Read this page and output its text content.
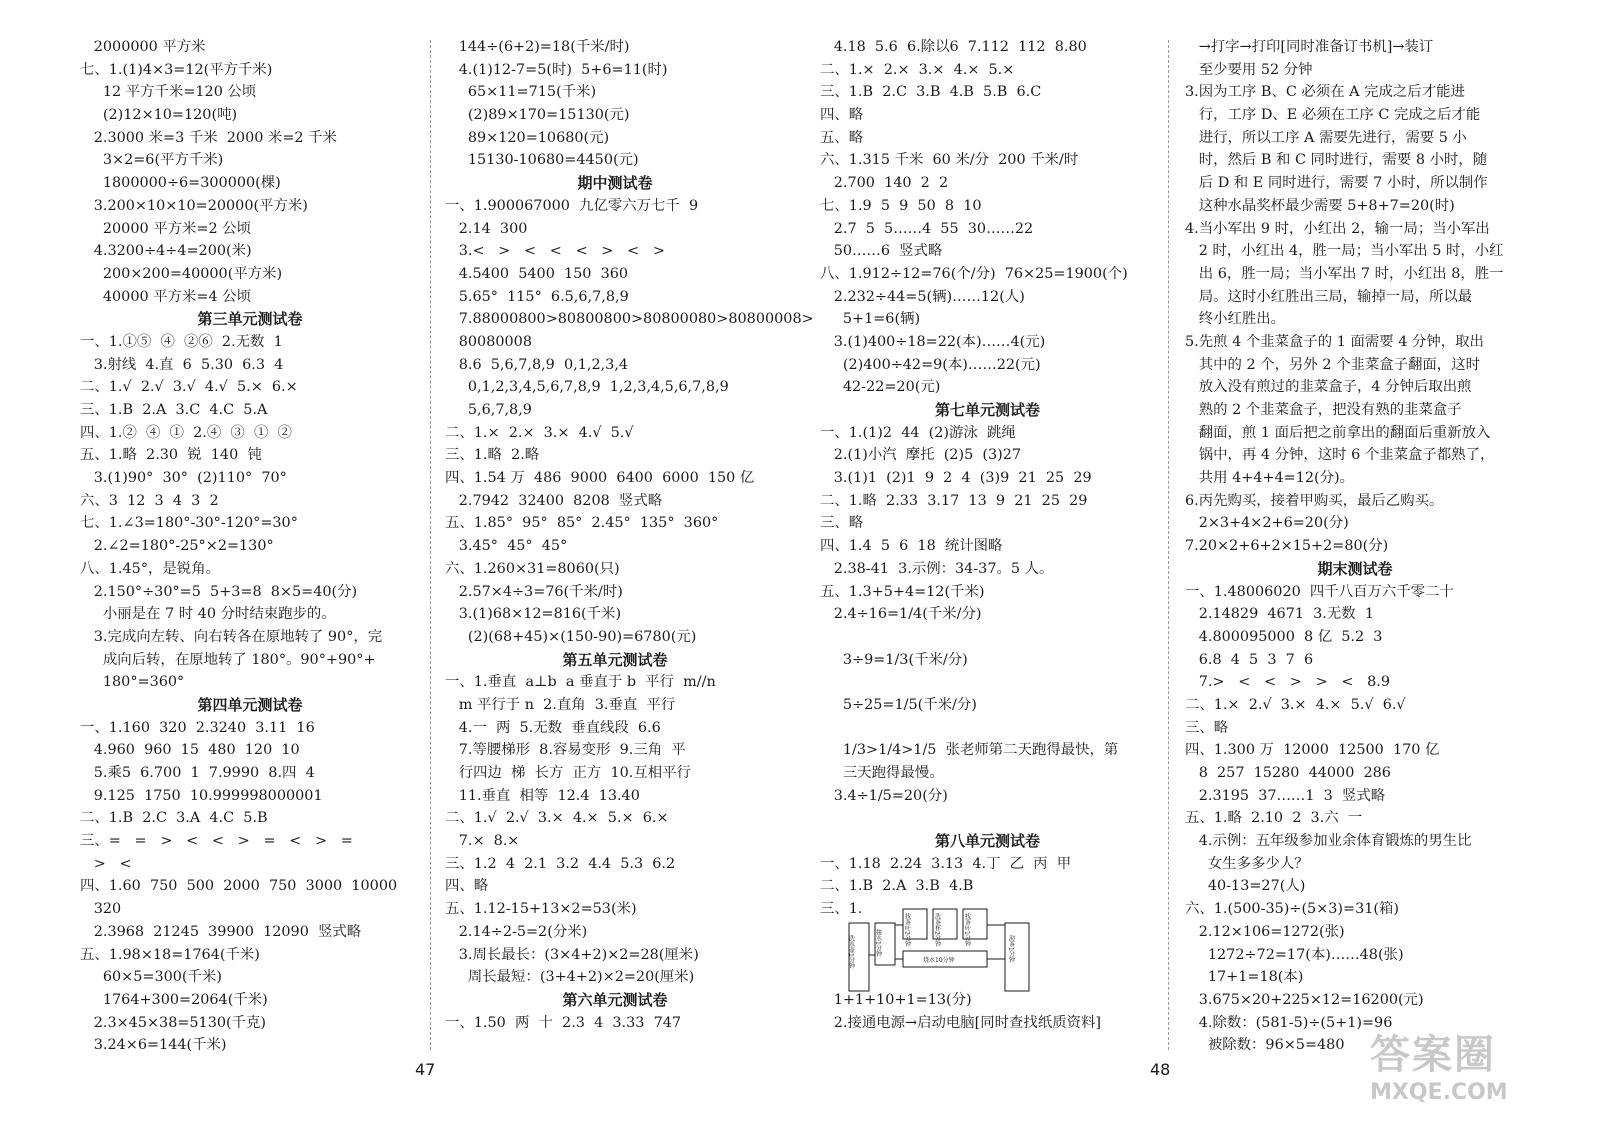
2000000 平方米
七、1.(1)4×3=12(平方千米)
12 平方千米=120 公顷
(2)12×10=120(吨)
2.3000 米=3 千米  2000 米=2 千米
3×2=6(平方千米)
1800000÷6=300000(棵)
3.200×10×10=20000(平方米)
20000 平方米=2 公顷
4.3200÷4÷4=200(米)
200×200=40000(平方米)
40000 平方米=4 公顷
第三单元测试卷
一、1.①⑤  ④  ②⑥  2.无数  1
3.射线  4.直  6  5.30  6.3  4
二、1.√  2.√  3.√  4.√  5.×  6.×
三、1.B  2.A  3.C  4.C  5.A
四、1.②  ④  ①  2.④  ③  ①  ②
五、1.略  2.30  锐  140  钝
3.(1)90°  30°  (2)110°  70°
六、3  12  3  4  3  2
七、1.∠3=180°-30°-120°=30°
2.∠2=180°-25°×2=130°
八、1.45°，是锐角。
2.150°÷30°=5  5+3=8  8×5=40(分)
小丽是在 7 时 40 分时结束跑步的。
3.完成向左转、向右转各在原地转了 90°，完
成向后转，在原地转了 180°。90°+90°+
180°=360°
第四单元测试卷
一、1.160  320  2.3240  3.11  16
4.960  960  15  480  120  10
5.乘5  6.700  1  7.9990  8.四  4
9.125  1750  10.999998000001
二、1.B  2.C  3.A  4.C  5.B
三、=   =   >   <   <   >   =   <   >   =
>   <
四、1.60  750  500  2000  750  3000  10000
320
2.3968  21245  39900  12090  竖式略
五、1.98×18=1764(千米)
60×5=300(千米)
1764+300=2064(千米)
2.3×45×38=5130(千克)
3.24×6=144(千米)
144÷(6+2)=18(千米/时)
4.(1)12-7=5(时)  5+6=11(时)
65×11=715(千米)
(2)89×170=15130(元)
89×120=10680(元)
15130-10680=4450(元)
期中测试卷
一、1.900067000  九亿零六万七千  9
2.14  300
3.<   >   <   <   <   >   <   >
4.5400  5400  150  360
5.65°  115°  6.5,6,7,8,9
7.88000800>80800800>80800080>80800008>
80080008
8.6  5,6,7,8,9  0,1,2,3,4
0,1,2,3,4,5,6,7,8,9  1,2,3,4,5,6,7,8,9
5,6,7,8,9
二、1.×  2.×  3.×  4.√  5.√
三、1.略  2.略
四、1.54 万  486  9000  6400  6000  150 亿
2.7942  32400  8208  竖式略
五、1.85°  95°  85°  2.45°  135°  360°
3.45°  45°  45°
六、1.260×31=8060(只)
2.57×4÷3=76(千米/时)
3.(1)68×12=816(千米)
(2)(68+45)×(150-90)=6780(元)
第五单元测试卷
一、1.垂直  a⊥b  a 垂直于 b  平行  m//n
m 平行于 n  2.直角  3.垂直  平行
4.一  两  5.无数  垂直线段  6.6
7.等腰梯形  8.容易变形  9.三角  平
行四边  梯  长方  正方  10.互相平行
11.垂直  相等  12.4  13.40
二、1.√  2.√  3.×  4.×  5.×  6.×
7.×  8.×
三、1.2  4  2.1  3.2  4.4  5.3  6.2
四、略
五、1.12-15+13×2=53(米)
2.14÷2-5=2(分米)
3.周长最长：(3×4+2)×2=28(厘米)
周长最短：(3+4+2)×2=20(厘米)
第六单元测试卷
一、1.50  两  十  2.3  4  3.33  747
4.18  5.6  6.除以6  7.112  112  8.80
二、1.×  2.×  3.×  4.×  5.×
三、1.B  2.C  3.B  4.B  5.B  6.C
四、略
五、略
六、1.315 千米  60 米/分  200 千米/时
2.700  140  2  2
七、1.9  5  9  50  8  10
2.7  5  5……4  55  30……22
50……6  竖式略
八、1.912÷12=76(个/分)  76×25=1900(个)
2.232÷44=5(辆)……12(人)
5+1=6(辆)
3.(1)400÷18=22(本)……4(元)
(2)400÷42=9(本)……22(元)
42-22=20(元)
第七单元测试卷
一、1.(1)2  44  (2)游泳  跳绳
2.(1)小汽  摩托  (2)5  (3)27
3.(1)1  (2)1  9  2  4  (3)9  21  25  29
二、1.略  2.33  3.17  13  9  21  25  29
三、略
四、1.4  5  6  18  统计图略
2.38-41  3.示例：34-37。5 人。
五、1.3+5+4=12(千米)
2.4÷16=1/4(千米/分)
3÷9=1/3(千米/分)
5÷25=1/5(千米/分)
1/3>1/4>1/5  张老师第二天跑得最快，第
三天跑得最慢。
3.4÷1/5=20(分)
第八单元测试卷
一、1.18  2.24  3.13  4.丁  乙  丙  甲
二、1.B  2.A  3.B  4.B
三、1.
1+1+10+1=13(分)
2.接通电源→启动电脑[同时查找纸质资料]
→打字→打印[同时准备订书机]→装订
至少要用 52 分钟
3.因为工序 B、C 必须在 A 完成之后才能进
行，工序 D、E 必须在工序 C 完成之后才能
进行，所以工序 A 需要先进行，需要 5 小
时，然后 B 和 C 同时进行，需要 8 小时，随
后 D 和 E 同时进行，需要 7 小时，所以制作
这种水晶奖杯最少需要 5+8+7=20(时)
4.当小军出 9 时，小红出 2，输一局；当小军出
2 时，小红出 4，胜一局；当小军出 5 时，小红
出 6，胜一局；当小军出 7 时，小红出 8，胜一
局。这时小红胜出三局，输掉一局，所以最
终小红胜出。
5.先煎 4 个韭菜盒子的 1 面需要 4 分钟，取出
其中的 2 个，另外 2 个韭菜盒子翻面，这时
放入没有煎过的韭菜盒子，4 分钟后取出煎
熟的 2 个韭菜盒子，把没有熟的韭菜盒子
翻面，煎 1 面后把之前拿出的翻面后重新放入
锅中，再 4 分钟，这时 6 个韭菜盒子都熟了，
共用 4+4+4=12(分)。
6.丙先购买，接着甲购买，最后乙购买。
2×3+4×2+6=20(分)
7.20×2+6+2×15+2=80(分)
期末测试卷
一、1.48006020  四千八百万六千零二十
2.14829  4671  3.无数  1
4.800095000  8 亿  5.2  3
6.8  4  5  3  7  6
7.>   <   <   >   >   <   8.9
二、1.×  2.√  3.×  4.×  5.√  6.√
三、略
四、1.300 万  12000  12500  170 亿
8  257  15280  44000  286
2.3195  37……1  3  竖式略
五、1.略  2.10  2  3.六  一
4.示例：五年级参加业余体育锻炼的男生比
女生多多少人？
40-13=27(人)
六、1.(500-35)÷(5×3)=31(箱)
2.12×106=1272(张)
1272÷72=17(本)……48(张)
17+1=18(本)
3.675×20+225×12=16200(元)
4.除数：(581-5)÷(5+1)=96
被除数：96×5=480
洗水壶1分钟	接水1分钟	找茶叶2分钟	洗茶杯2分钟	找茶叶1分钟
烧水10分钟	沏茶1分钟
47	48	答案圈
MXQE.COM
